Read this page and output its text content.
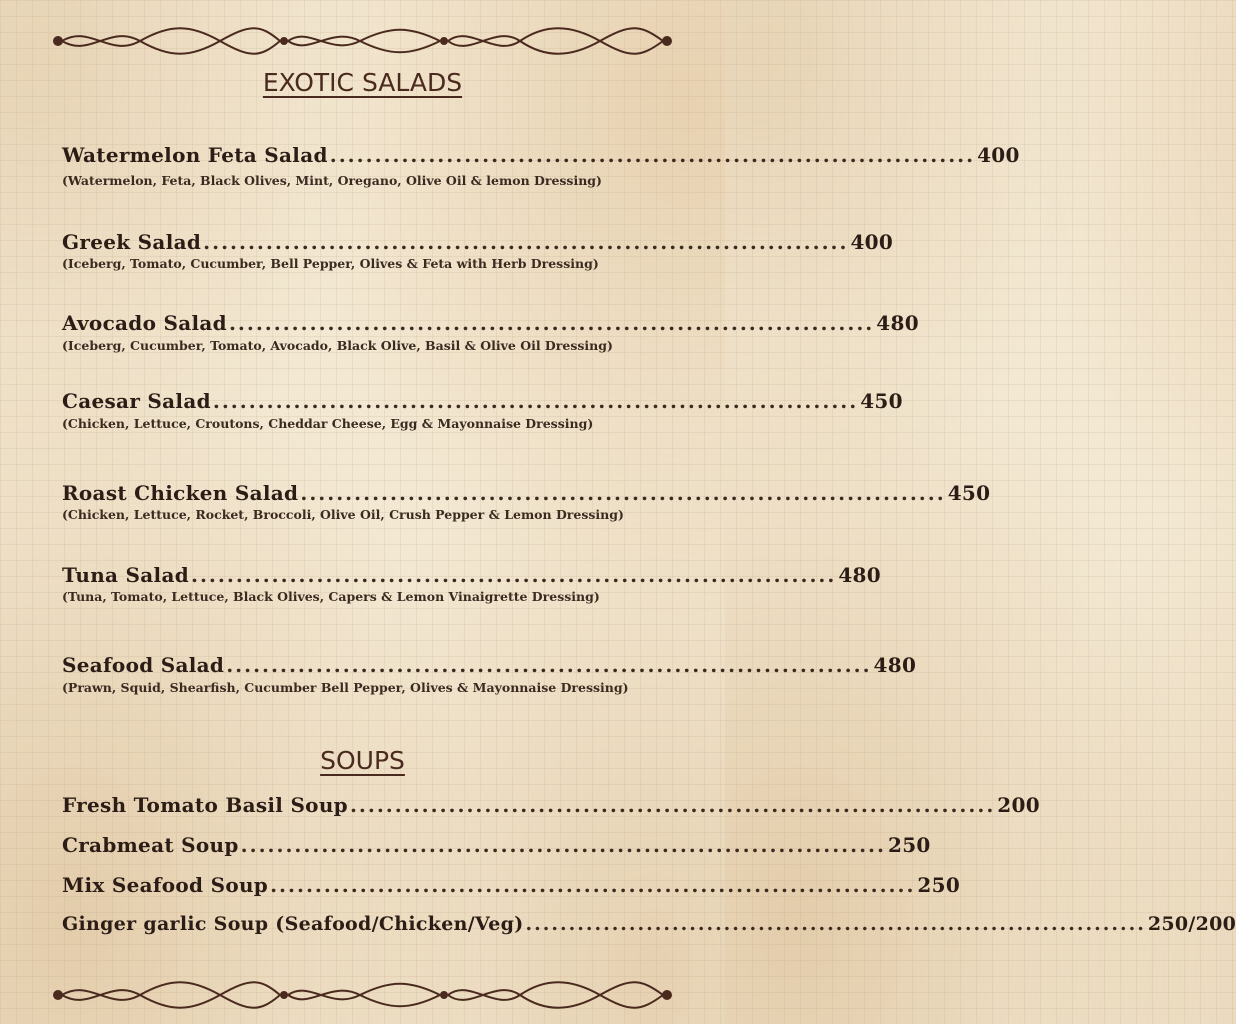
EXOTIC SALADS
Watermelon Feta Salad ........................................................................ 400
(Watermelon, Feta, Black Olives, Mint, Oregano, Olive Oil & lemon Dressing)
Greek Salad ........................................................................ 400
(Iceberg, Tomato, Cucumber, Bell Pepper, Olives & Feta with Herb Dressing)
Avocado Salad ........................................................................ 480
(Iceberg, Cucumber, Tomato, Avocado, Black Olive, Basil & Olive Oil Dressing)
Caesar Salad ........................................................................ 450
(Chicken, Lettuce, Croutons, Cheddar Cheese, Egg & Mayonnaise Dressing)
Roast Chicken Salad ........................................................................ 450
(Chicken, Lettuce, Rocket, Broccoli, Olive Oil, Crush Pepper & Lemon Dressing)
Tuna Salad ........................................................................ 480
(Tuna, Tomato, Lettuce, Black Olives, Capers & Lemon Vinaigrette Dressing)
Seafood Salad ........................................................................ 480
(Prawn, Squid, Shearfish, Cucumber Bell Pepper, Olives & Mayonnaise Dressing)
SOUPS
Fresh Tomato Basil Soup ........................................................................ 200
Crabmeat Soup ........................................................................ 250
Mix Seafood Soup ........................................................................ 250
Ginger garlic Soup (Seafood/Chicken/Veg) ........................................................................ 250/200
